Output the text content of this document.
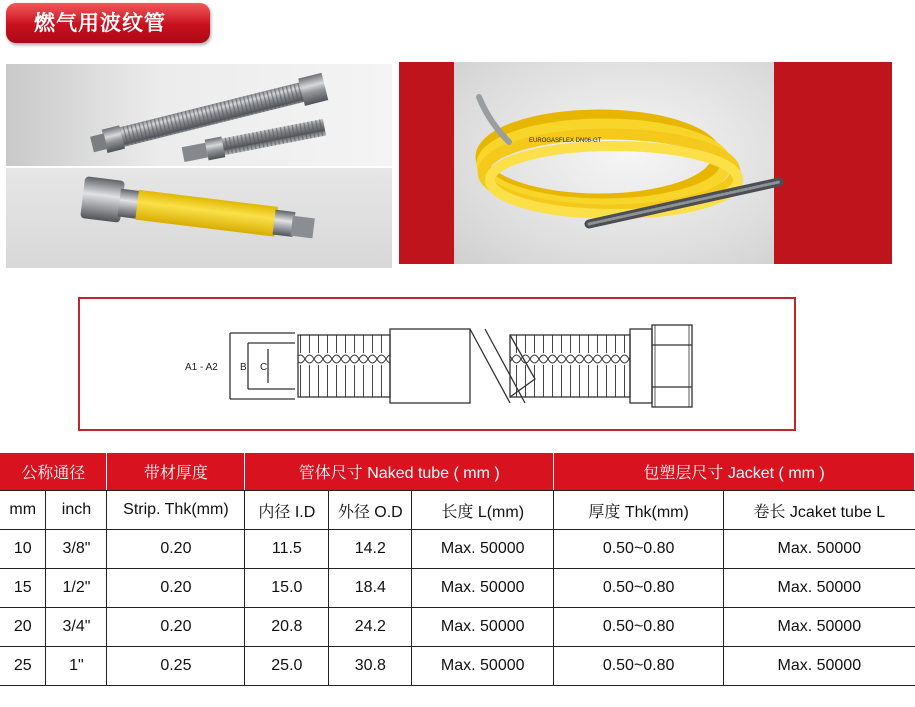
燃气用波纹管
EUROGASFLEX DN06-GT
A1 - A2 B C
公称通径		带材厚度	管体尺寸 Naked tube ( mm )			包塑层尺寸 Jacket ( mm )	
mm	inch	Strip. Thk(mm)	内径 I.D	外径 O.D	长度 L(mm)	厚度 Thk(mm)	卷长 Jcaket tube L
10	3/8"	0.20	11.5	14.2	Max. 50000	0.50~0.80	Max. 50000
15	1/2"	0.20	15.0	18.4	Max. 50000	0.50~0.80	Max. 50000
20	3/4"	0.20	20.8	24.2	Max. 50000	0.50~0.80	Max. 50000
25	1"	0.25	25.0	30.8	Max. 50000	0.50~0.80	Max. 50000
